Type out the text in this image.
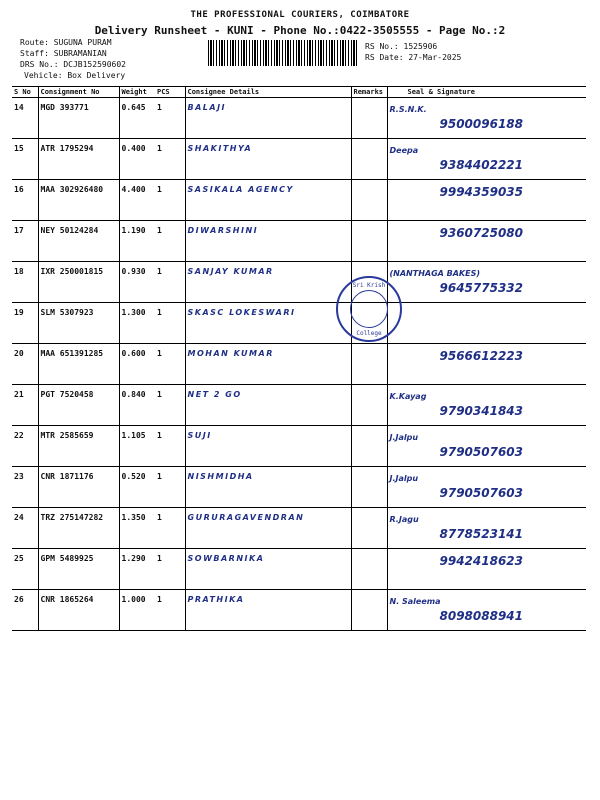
THE PROFESSIONAL COURIERS, COIMBATORE
Delivery Runsheet - KUNI - Phone No.:0422-3505555 - Page No.:2
Route: SUGUNA PURAM
Staff: SUBRAMANIAN
DRS No.: DCJB152590602
Vehicle: Box Delivery
RS No.: 1525906
RS Date: 27-Mar-2025
S No	Consignment No	Weight	PCS	Consignee Details	Remarks	Seal & Signature
14	MGD 393771	0.645	1	BALAJI		R.S.N.K.
9500096188

15	ATR 1795294	0.400	1	SHAKITHYA		Deepa
9384402221

16	MAA 302926480	4.400	1	SASIKALA AGENCY		9994359035

17	NEY 50124284	1.190	1	DIWARSHINI		9360725080

18	IXR 250001815	0.930	1	SANJAY KUMAR		(NANTHAGA BAKES)
9645775332

19	SLM 5307923	1.300	1	SKASC LOKESWARI		

20	MAA 651391285	0.600	1	MOHAN KUMAR		9566612223

21	PGT 7520458	0.840	1	NET 2 GO		K.Kayag
9790341843

22	MTR 2585659	1.105	1	SUJI		J.Jalpu
9790507603

23	CNR 1871176	0.520	1	NISHMIDHA		J.Jalpu
9790507603

24	TRZ 275147282	1.350	1	GURURAGAVENDRAN		R.Jagu
8778523141

25	GPM 5489925	1.290	1	SOWBARNIKA		9942418623

26	CNR 1865264	1.000	1	PRATHIKA		N. Saleema
8098088941
Sri Krish
College
